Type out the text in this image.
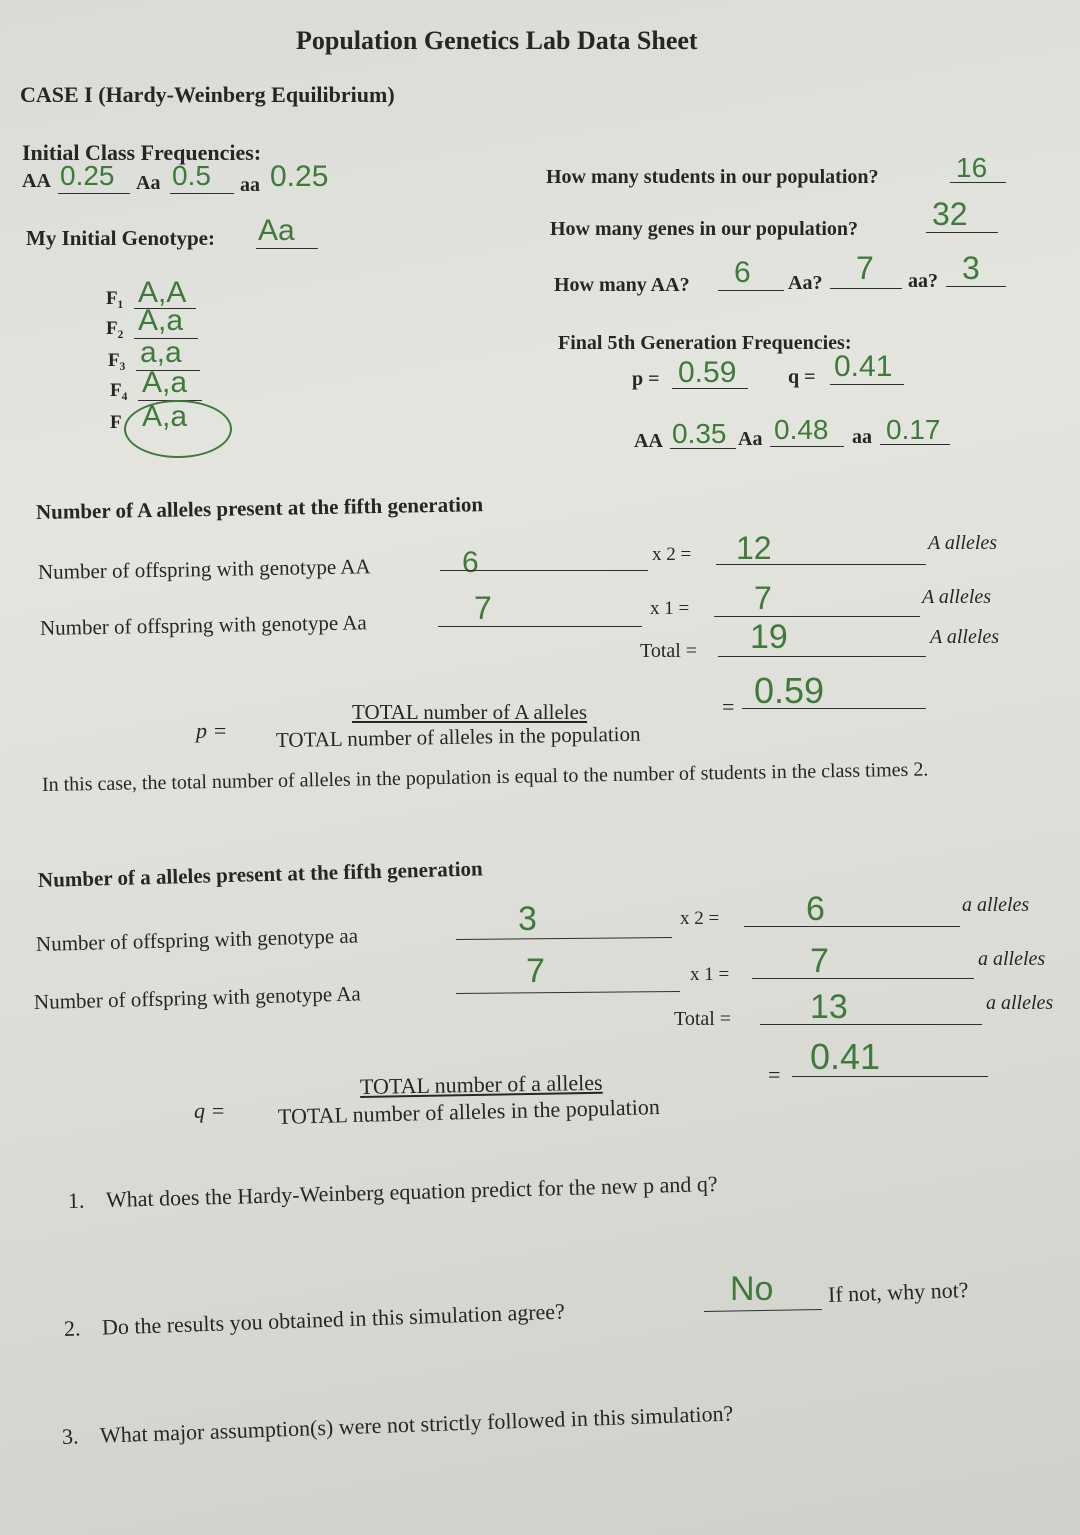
Population Genetics Lab Data Sheet
CASE I (Hardy-Weinberg Equilibrium)
Initial Class Frequencies:
AA 0.25 Aa 0.5 aa 0.25
My Initial Genotype: Aa
F₁ A,A
F₂ A,a
F₃ a,a
F₄ A,a
F A,a
How many students in our population?	16
How many genes in our population? 32
How many AA? 6 Aa? 7 aa? 3
Final 5th Generation Frequencies:
p = 0.59	q = 0.41
AA 0.35 Aa 0.48 aa 0.17
Number of A alleles present at the fifth generation
Number of offspring with genotype AA	6	x 2 = 12	A alleles
Number of offspring with genotype Aa	7	x 1 = 7	A alleles
Total = 19	A alleles
p =
TOTAL number of A alleles
TOTAL number of alleles in the population
= 0.59
In this case, the total number of alleles in the population is equal to the number of students in the class times 2.
Number of a alleles present at the fifth generation
Number of offspring with genotype aa
3	x 2 =	6	a alleles
Number of offspring with genotype Aa
7	x 1 = 7	a alleles
Total = 13	a alleles
q =
TOTAL number of a alleles
TOTAL number of alleles in the population
= 0.41
1. What does the Hardy-Weinberg equation predict for the new p and q?
2. Do the results you obtained in this simulation agree?
No If not, why not?
3. What major assumption(s) were not strictly followed in this simulation?
